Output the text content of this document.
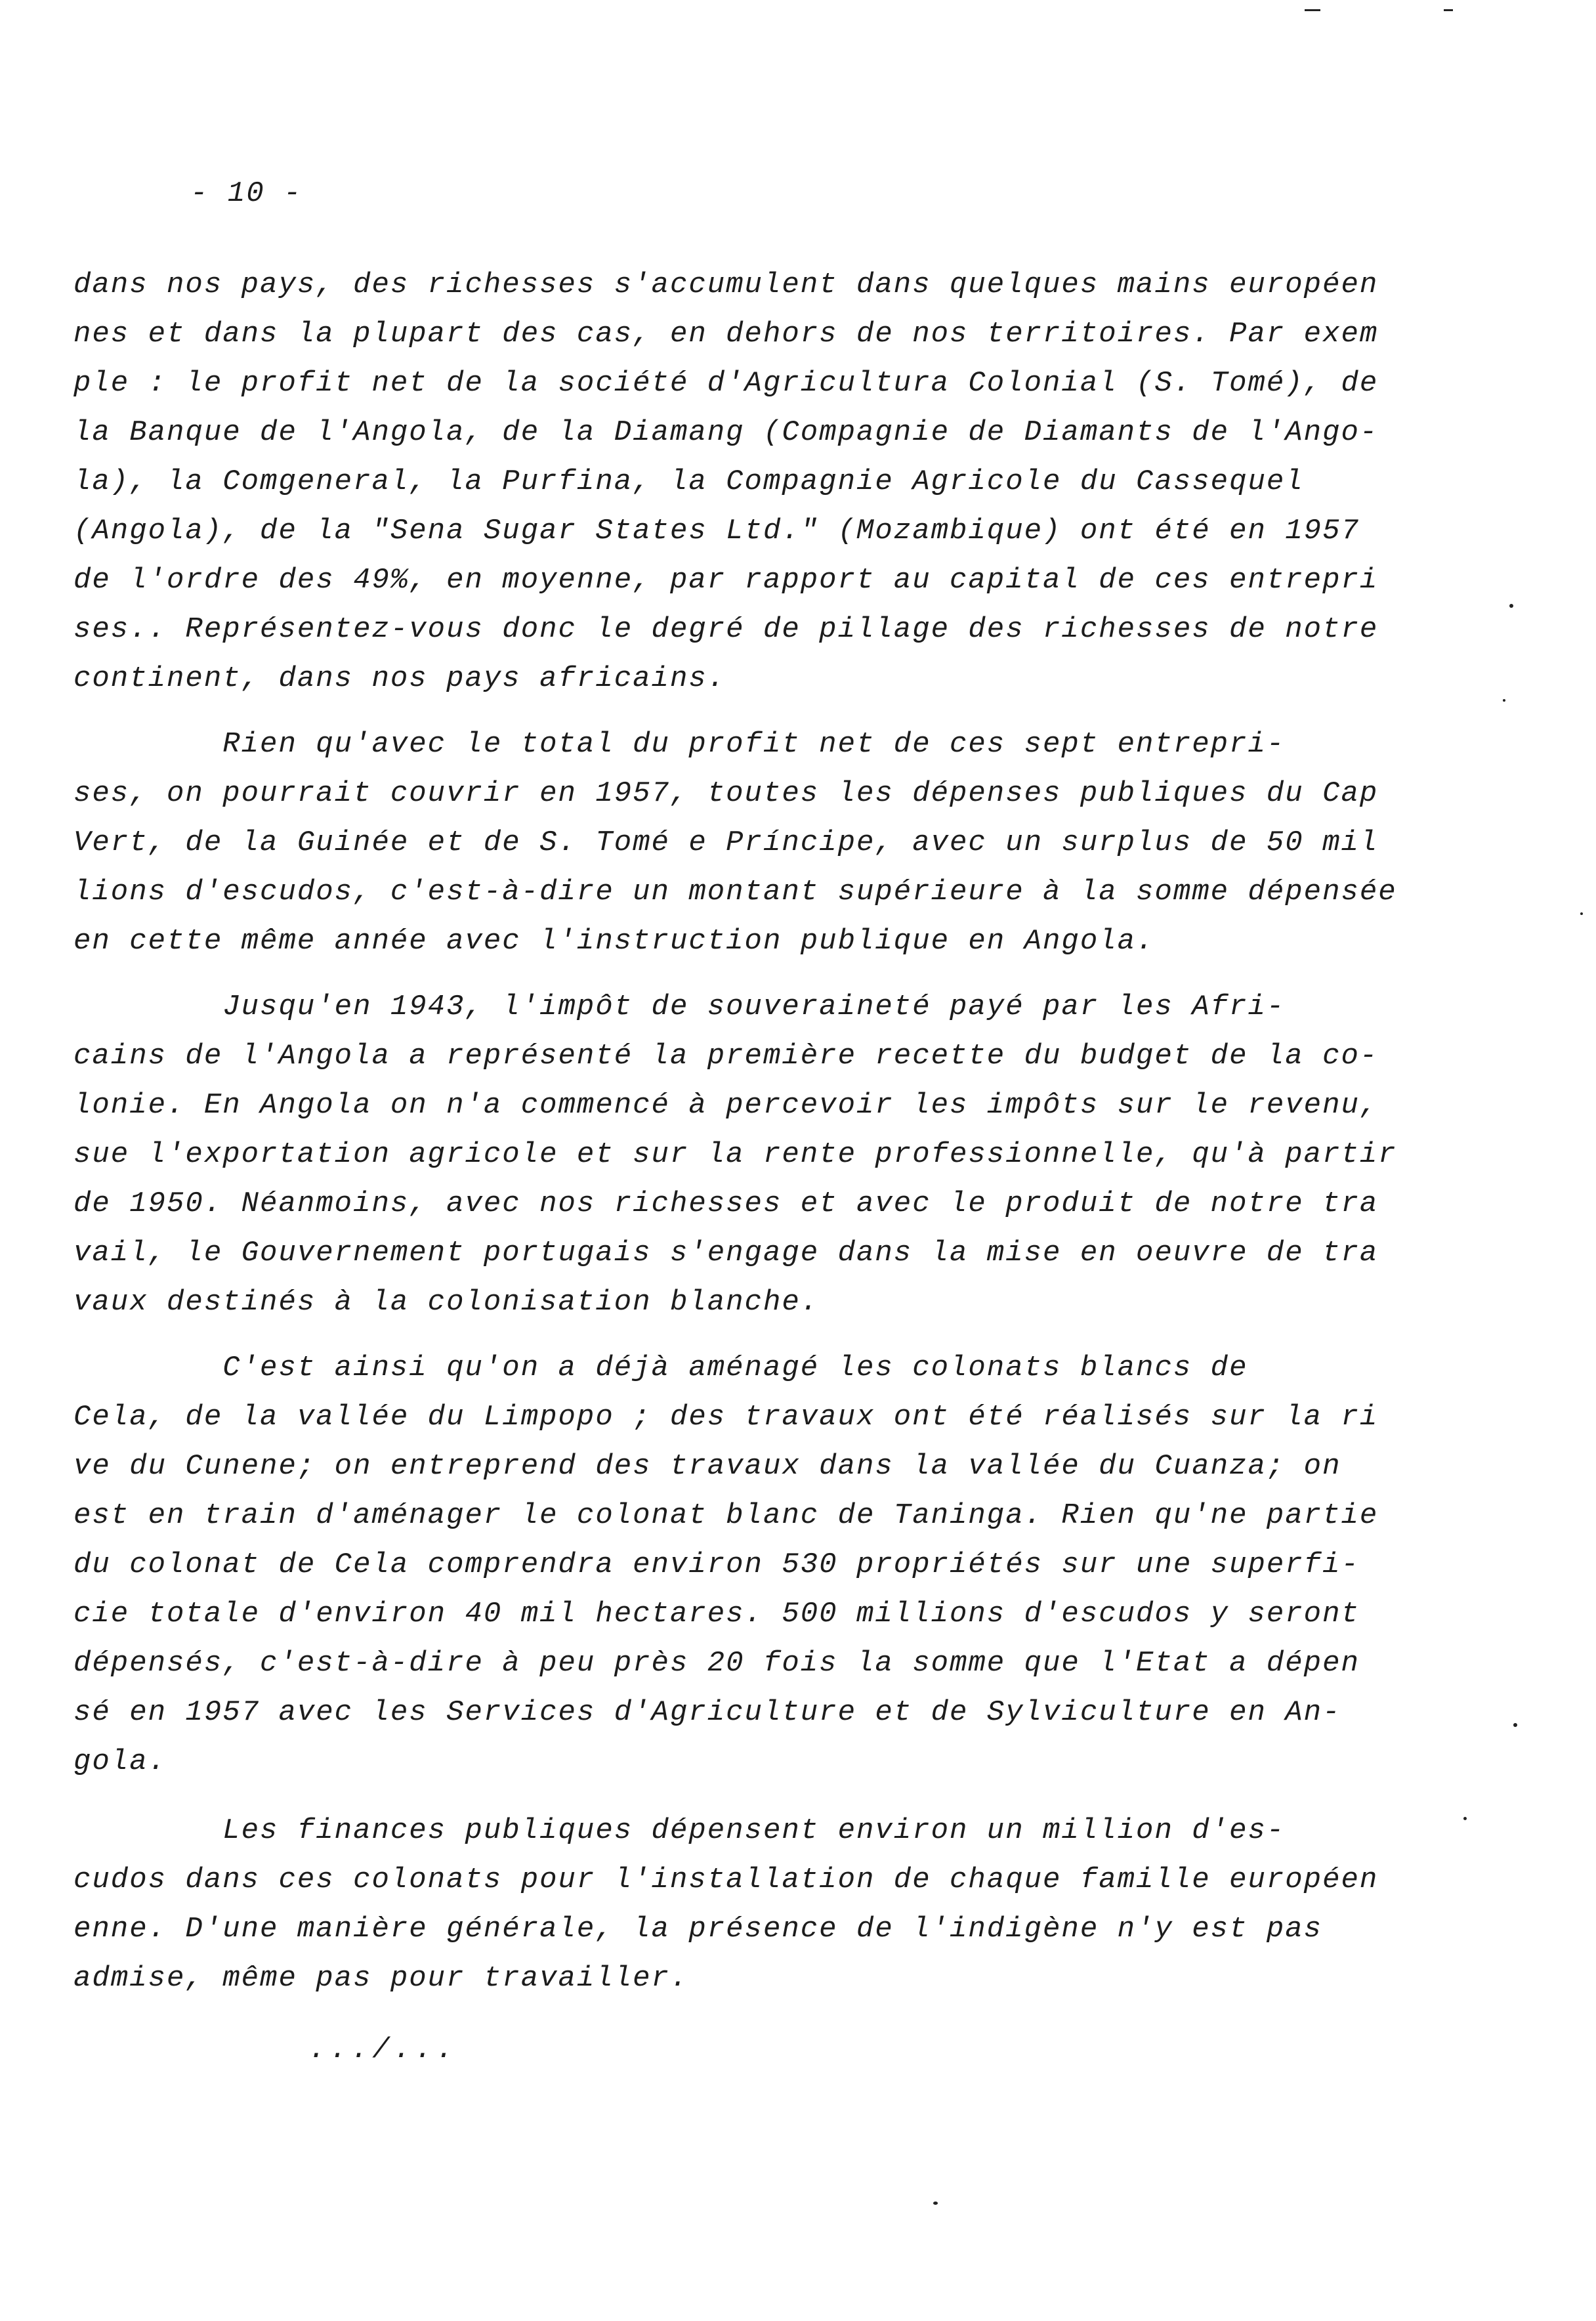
- 10 -
dans nos pays, des richesses s'accumulent dans quelques mains européen
nes et dans la plupart des cas, en dehors de nos territoires. Par exem
ple : le profit net de la société d'Agricultura Colonial (S. Tomé), de
la Banque de l'Angola, de la Diamang (Compagnie de Diamants de l'Ango-
la), la Comgeneral, la Purfina, la Compagnie Agricole du Cassequel
(Angola), de la "Sena Sugar States Ltd." (Mozambique) ont été en 1957
de l'ordre des 49%, en moyenne, par rapport au capital de ces entrepri
ses.. Représentez-vous donc le degré de pillage des richesses de notre
continent, dans nos pays africains.
Rien qu'avec le total du profit net de ces sept entrepri-
ses, on pourrait couvrir en 1957, toutes les dépenses publiques du Cap
Vert, de la Guinée et de S. Tomé e Príncipe, avec un surplus de 50 mil
lions d'escudos, c'est-à-dire un montant supérieure à la somme dépensée
en cette même année avec l'instruction publique en Angola.
Jusqu'en 1943, l'impôt de souveraineté payé par les Afri-
cains de l'Angola a représenté la première recette du budget de la co-
lonie. En Angola on n'a commencé à percevoir les impôts sur le revenu,
sue l'exportation agricole et sur la rente professionnelle, qu'à partir
de 1950. Néanmoins, avec nos richesses et avec le produit de notre tra
vail, le Gouvernement portugais s'engage dans la mise en oeuvre de tra
vaux destinés à la colonisation blanche.
C'est ainsi qu'on a déjà aménagé les colonats blancs de
Cela, de la vallée du Limpopo ; des travaux ont été réalisés sur la ri
ve du Cunene; on entreprend des travaux dans la vallée du Cuanza; on
est en train d'aménager le colonat blanc de Taninga. Rien qu'ne partie
du colonat de Cela comprendra environ 530 propriétés sur une superfi-
cie totale d'environ 40 mil hectares. 500 millions d'escudos y seront
dépensés, c'est-à-dire à peu près 20 fois la somme que l'Etat a dépen
sé en 1957 avec les Services d'Agriculture et de Sylviculture en An-
gola.
Les finances publiques dépensent environ un million d'es-
cudos dans ces colonats pour l'installation de chaque famille européen
enne. D'une manière générale, la présence de l'indigène n'y est pas
admise, même pas pour travailler.
.../...
